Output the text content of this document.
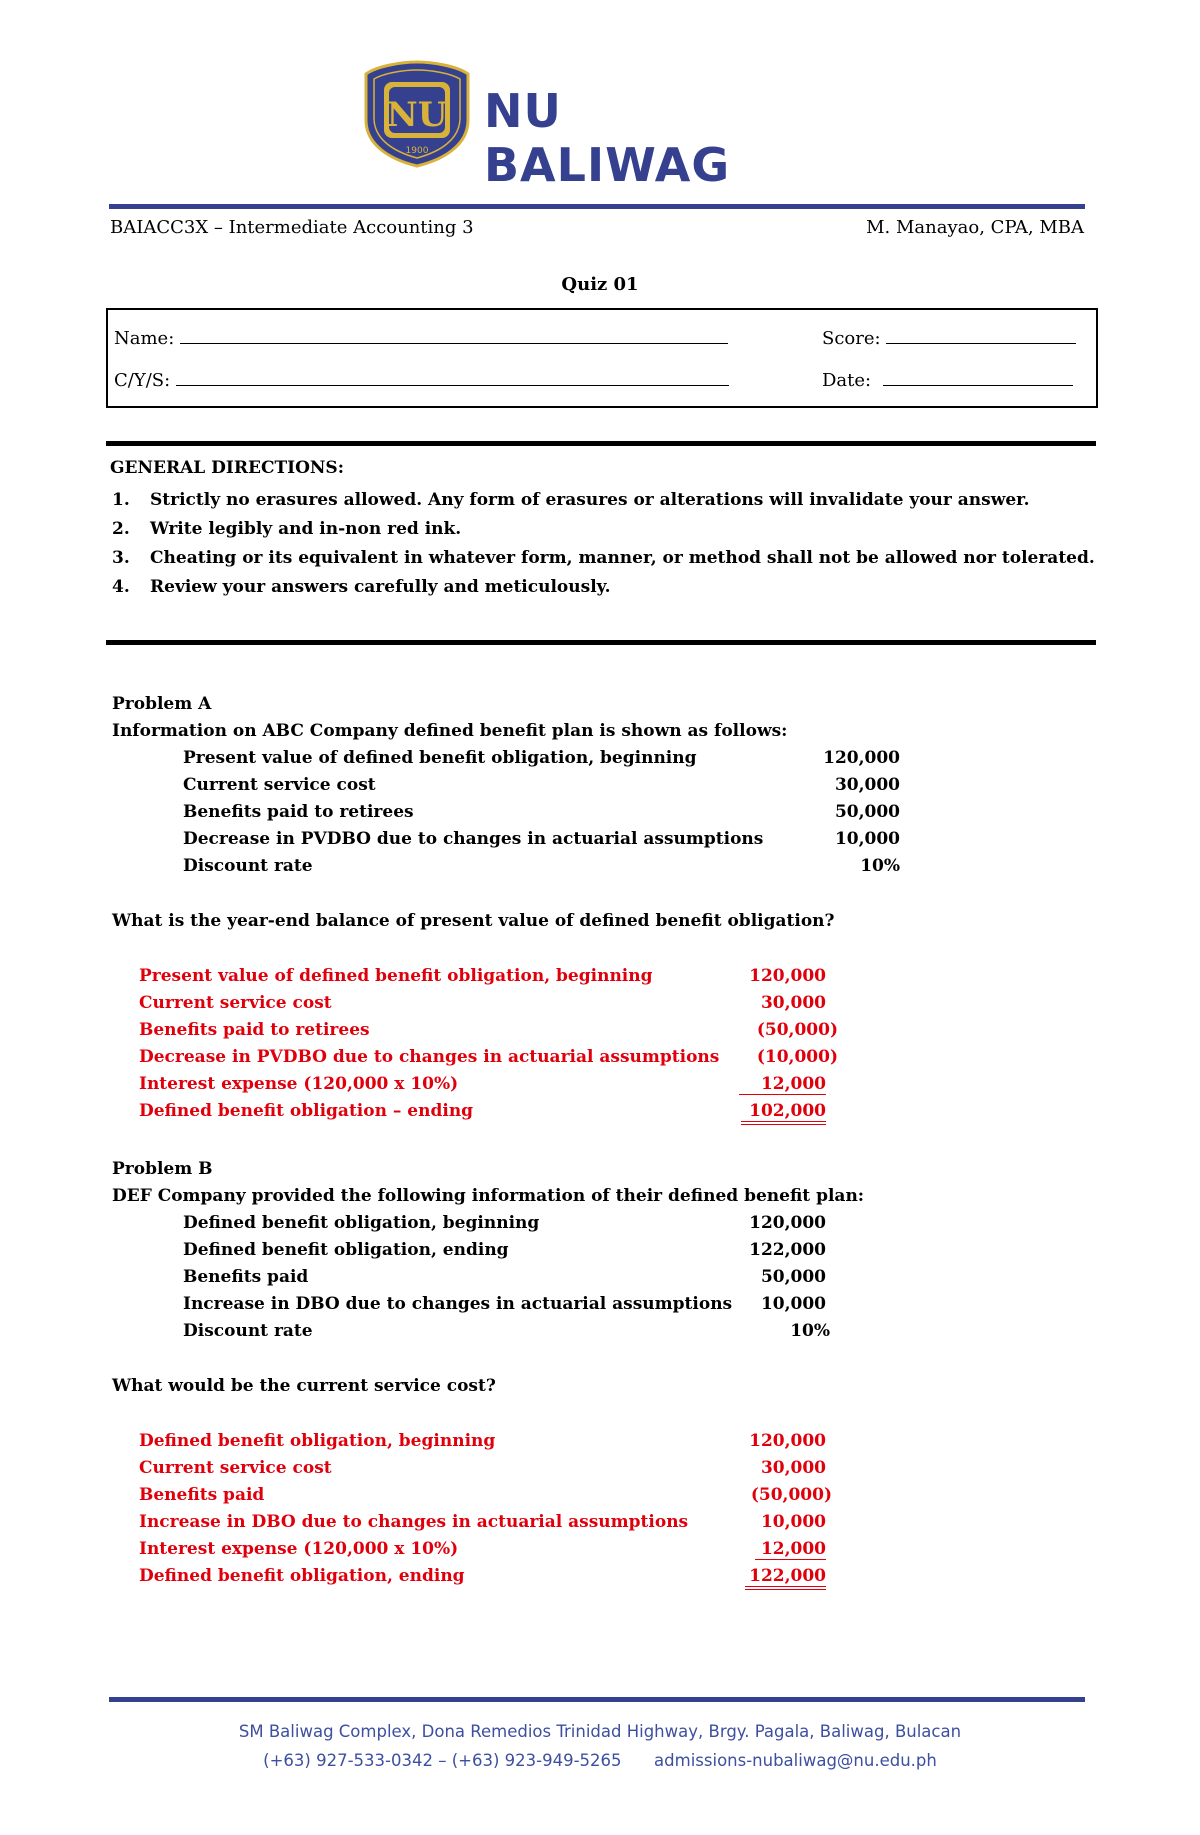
NU
1900
NU BALIWAG
BAIACC3X – Intermediate Accounting 3	M. Manayao, CPA, MBA
Quiz 01
Name:
C/Y/S:
Score:
Date:
GENERAL DIRECTIONS:
1. Strictly no erasures allowed. Any form of erasures or alterations will invalidate your answer.
2. Write legibly and in-non red ink.
3. Cheating or its equivalent in whatever form, manner, or method shall not be allowed nor tolerated.
4. Review your answers carefully and meticulously.
Problem A
Information on ABC Company defined benefit plan is shown as follows:
Present value of defined benefit obligation, beginning	120,000
Current service cost	30,000
Benefits paid to retirees	50,000
Decrease in PVDBO due to changes in actuarial assumptions	10,000
Discount rate	10%
What is the year-end balance of present value of defined benefit obligation?
Present value of defined benefit obligation, beginning	120,000
Current service cost	30,000
Benefits paid to retirees	(50,000)
Decrease in PVDBO due to changes in actuarial assumptions (10,000)
Interest expense (120,000 x 10%)	12,000
Defined benefit obligation – ending	102,000
Problem B
DEF Company provided the following information of their defined benefit plan:
Defined benefit obligation, beginning	120,000
Defined benefit obligation, ending	122,000
Benefits paid	50,000
Increase in DBO due to changes in actuarial assumptions 10,000
Discount rate	10%
What would be the current service cost?
Defined benefit obligation, beginning	120,000
Current service cost	30,000
Benefits paid	(50,000)
Increase in DBO due to changes in actuarial assumptions	10,000
Interest expense (120,000 x 10%)	12,000
Defined benefit obligation, ending	122,000
SM Baliwag Complex, Dona Remedios Trinidad Highway, Brgy. Pagala, Baliwag, Bulacan
(+63) 927-533-0342 – (+63) 923-949-5265 admissions-nubaliwag@nu.edu.ph
